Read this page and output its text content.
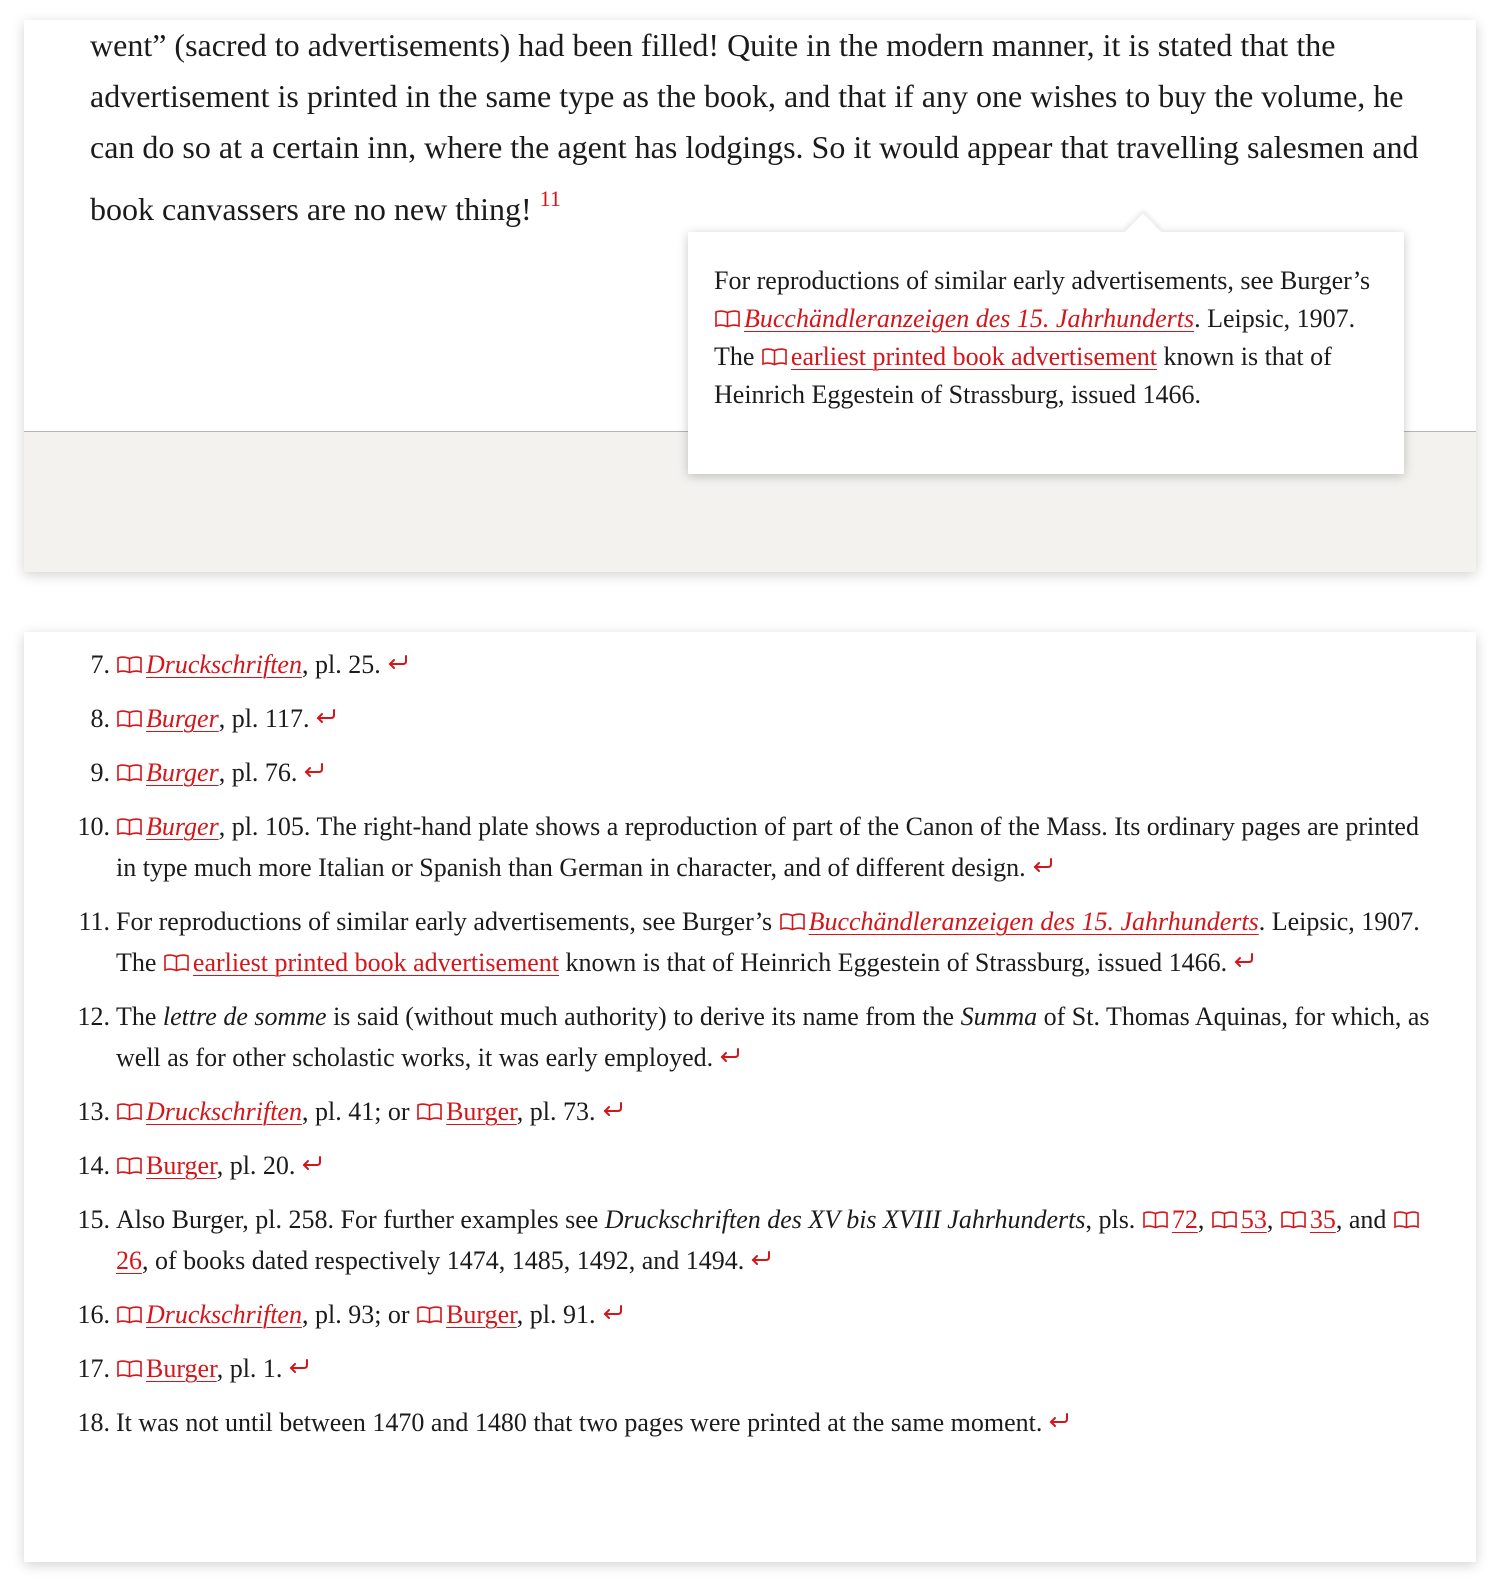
went” (sacred to advertisements) had been filled! Quite in the modern manner, it is stated that the advertisement is printed in the same type as the book, and that if any one wishes to buy the volume, he can do so at a certain inn, where the agent has lodgings. So it would appear that travelling salesmen and book canvassers are no new thing! $^{11}$

For reproductions of similar early advertisements, see Burger’s
Bucchändleranzeigen des 15. Jahrhunderts. Leipsic, 1907. The
earliest printed book advertisement known is that of Heinrich Eggestein of Strassburg, issued 1466.
7. Druckschriften, pl. 25.
8. Burger, pl. 117.
9. Burger, pl. 76.
10. Burger, pl. 105. The right-hand plate shows a reproduction of part of the Canon of the Mass. Its ordinary pages are printed in type much more Italian or Spanish than German in character, and of different design.
11. For reproductions of similar early advertisements, see Burger’s
Bucchändleranzeigen des 15. Jahrhunderts. Leipsic, 1907. The
earliest printed book advertisement known is that of Heinrich Eggestein of Strassburg, issued 1466.
12. The lettre de somme is said (without much authority) to derive its name from the Summa of St. Thomas Aquinas, for which, as well as for other scholastic works, it was early employed.
13. Druckschriften, pl. 41; or
Burger, pl. 73.
14. Burger, pl. 20.
15. Also Burger, pl. 258. For further examples see Druckschriften des XV bis XVIII Jahrhunderts, pls.
72,
53,
35, and
26, of books dated respectively 1474, 1485, 1492, and 1494.
16. Druckschriften, pl. 93; or
Burger, pl. 91.
17. Burger, pl. 1.
18. It was not until between 1470 and 1480 that two pages were printed at the same moment.
